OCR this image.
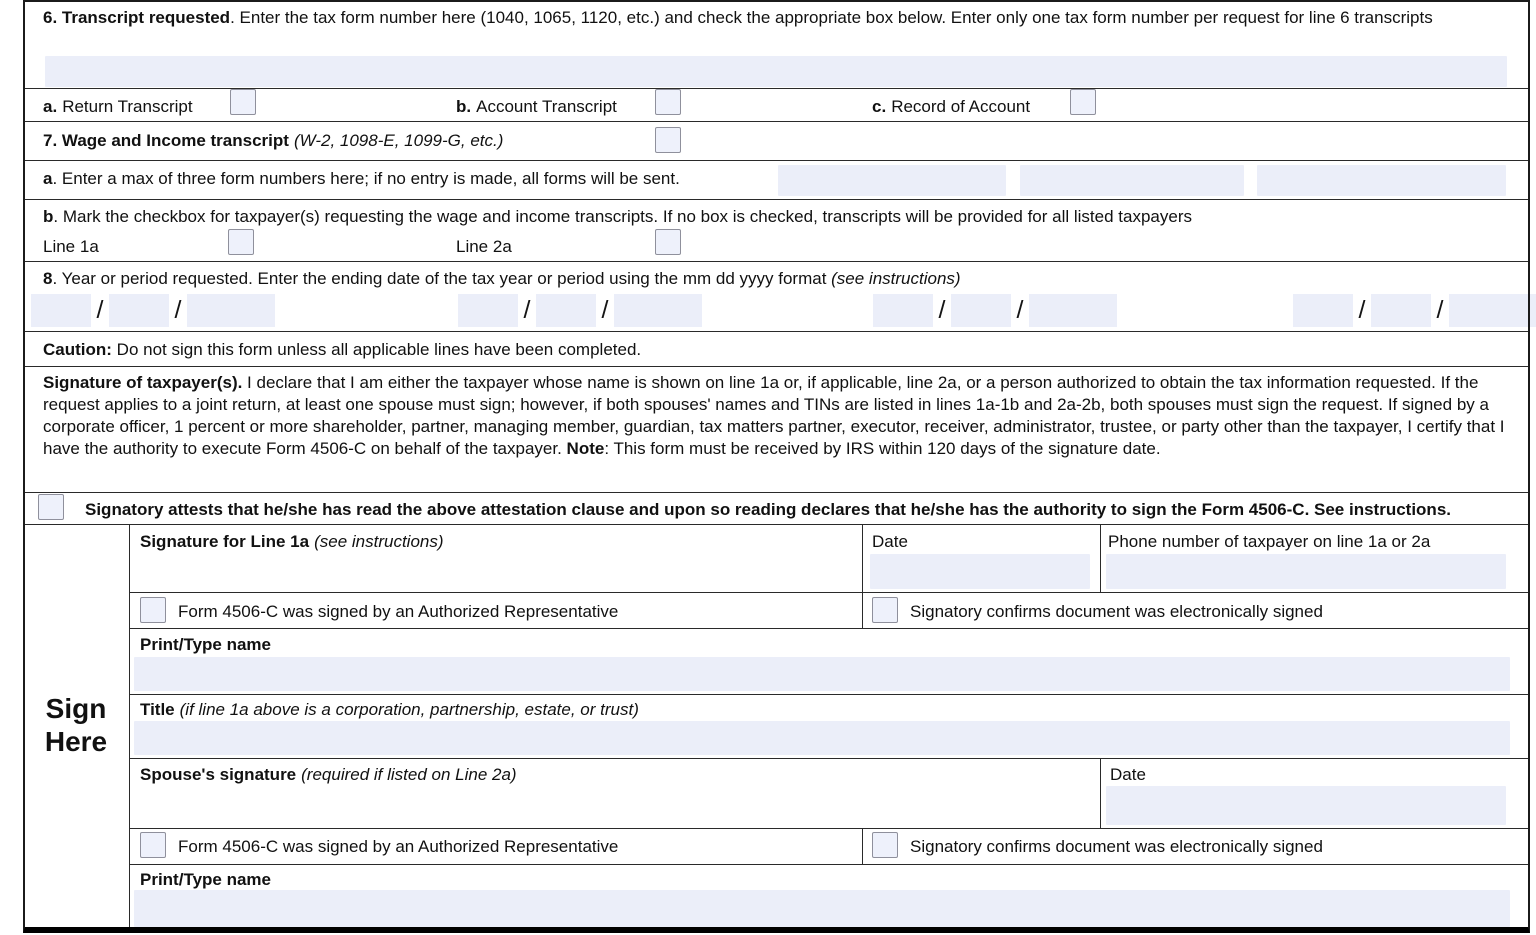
6. Transcript requested. Enter the tax form number here (1040, 1065, 1120, etc.) and check the appropriate box below. Enter only one tax form number per request for line 6 transcripts
a. Return Transcript	b. Account Transcript	c. Record of Account
7. Wage and Income transcript (W-2, 1098-E, 1099-G, etc.)
a. Enter a max of three form numbers here; if no entry is made, all forms will be sent.
b. Mark the checkbox for taxpayer(s) requesting the wage and income transcripts. If no box is checked, transcripts will be provided for all listed taxpayers
Line 1a	Line 2a
8. Year or period requested. Enter the ending date of the tax year or period using the mm dd yyyy format (see instructions)
/	/	/	/	/	/	/	/
Caution: Do not sign this form unless all applicable lines have been completed.
Signature of taxpayer(s). I declare that I am either the taxpayer whose name is shown on line 1a or, if applicable, line 2a, or a person authorized to obtain the tax information requested. If the request applies to a joint return, at least one spouse must sign; however, if both spouses' names and TINs are listed in lines 1a-1b and 2a-2b, both spouses must sign the request. If signed by a corporate officer, 1 percent or more shareholder, partner, managing member, guardian, tax matters partner, executor, receiver, administrator, trustee, or party other than the taxpayer, I certify that I have the authority to execute Form 4506-C on behalf of the taxpayer. Note: This form must be received by IRS within 120 days of the signature date.
Signatory attests that he/she has read the above attestation clause and upon so reading declares that he/she has the authority to sign the Form 4506-C. See instructions.
Sign
Here
Signature for Line 1a (see instructions)	Date	Phone number of taxpayer on line 1a or 2a
Form 4506-C was signed by an Authorized Representative	Signatory confirms document was electronically signed
Print/Type name
Title (if line 1a above is a corporation, partnership, estate, or trust)
Spouse's signature (required if listed on Line 2a)	Date
Form 4506-C was signed by an Authorized Representative	Signatory confirms document was electronically signed
Print/Type name
